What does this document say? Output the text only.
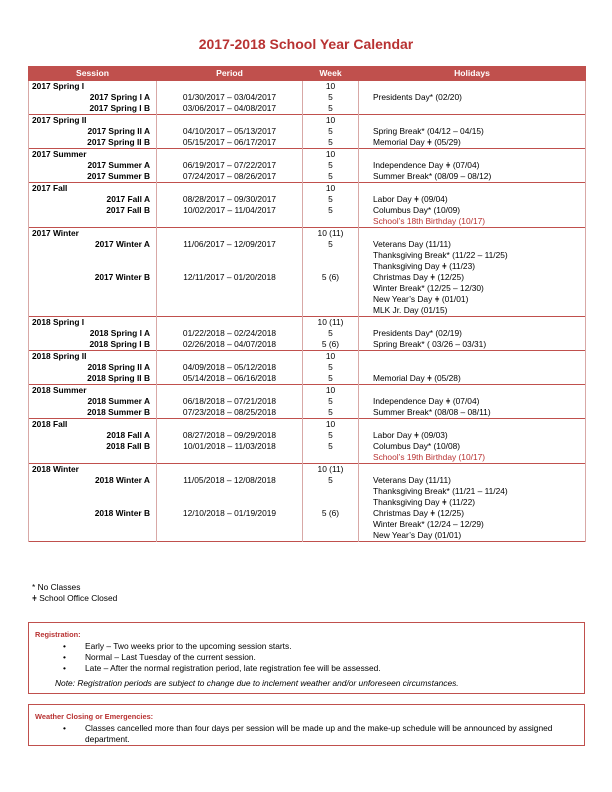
2017-2018 School Year Calendar
Session	Period	Week	Holidays
2017 Spring I		10	
2017 Spring I A	01/30/2017 – 03/04/2017	5	Presidents Day* (02/20)
2017 Spring I B	03/06/2017 – 04/08/2017	5	
2017 Spring II		10	
2017 Spring II A	04/10/2017 – 05/13/2017	5	Spring Break* (04/12 – 04/15)
2017 Spring II B	05/15/2017 – 06/17/2017	5	Memorial Day ǂ (05/29)
2017 Summer		10	
2017 Summer A	06/19/2017 – 07/22/2017	5	Independence Day ǂ (07/04)
2017 Summer B	07/24/2017 – 08/26/2017	5	Summer Break* (08/09 – 08/12)
2017 Fall		10	
2017 Fall A	08/28/2017 – 09/30/2017	5	Labor Day ǂ (09/04)
2017 Fall B	10/02/2017 – 11/04/2017	5	Columbus Day* (10/09)
			School’s 18th Birthday (10/17)
2017 Winter		10 (11)	
2017 Winter A	11/06/2017 – 12/09/2017	5	Veterans Day (11/11)
			Thanksgiving Break* (11/22 – 11/25)
			Thanksgiving Day ǂ (11/23)
2017 Winter B	12/11/2017 – 01/20/2018	5 (6)	Christmas Day ǂ (12/25)
			Winter Break* (12/25 – 12/30)
			New Year’s Day ǂ (01/01)
			MLK Jr. Day (01/15)
2018 Spring I		10 (11)	
2018 Spring I A	01/22/2018 – 02/24/2018	5	Presidents Day* (02/19)
2018 Spring I B	02/26/2018 – 04/07/2018	5 (6)	Spring Break* ( 03/26 – 03/31)
2018 Spring II		10	
2018 Spring II A	04/09/2018 – 05/12/2018	5	
2018 Spring II B	05/14/2018 – 06/16/2018	5	Memorial Day ǂ (05/28)
2018 Summer		10	
2018 Summer A	06/18/2018 – 07/21/2018	5	Independence Day ǂ (07/04)
2018 Summer B	07/23/2018 – 08/25/2018	5	Summer Break* (08/08 – 08/11)
2018 Fall		10	
2018 Fall A	08/27/2018 – 09/29/2018	5	Labor Day ǂ (09/03)
2018 Fall B	10/01/2018 – 11/03/2018	5	Columbus Day* (10/08)
			School’s 19th Birthday (10/17)
2018 Winter		10 (11)	
2018 Winter A	11/05/2018 – 12/08/2018	5	Veterans Day (11/11)
			Thanksgiving Break* (11/21 – 11/24)
			Thanksgiving Day ǂ (11/22)
2018 Winter B	12/10/2018 – 01/19/2019	5 (6)	Christmas Day ǂ (12/25)
			Winter Break* (12/24 – 12/29)
			New Year’s Day (01/01)
* No Classes
ǂ School Office Closed
Registration:
• Early – Two weeks prior to the upcoming session starts.
• Normal – Last Tuesday of the current session.
• Late – After the normal registration period, late registration fee will be assessed.
Note: Registration periods are subject to change due to inclement weather and/or unforeseen circumstances.
Weather Closing or Emergencies:
• Classes cancelled more than four days per session will be made up and the make-up schedule will be announced by assigned department.
